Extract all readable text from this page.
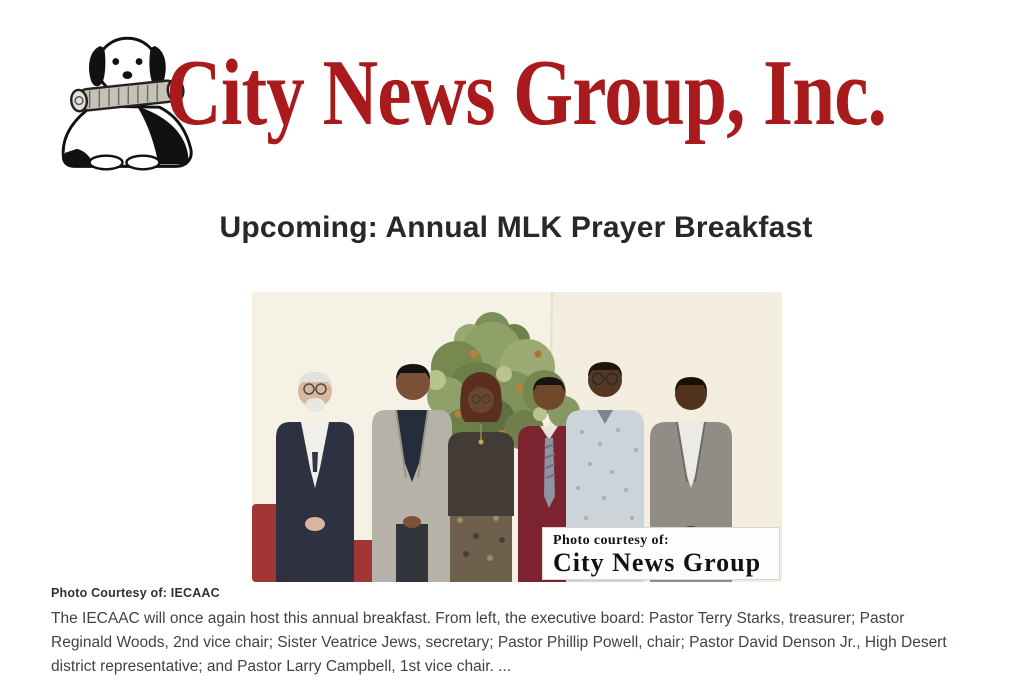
City News Group, Inc.
Upcoming: Annual MLK Prayer Breakfast
Photo courtesy of:
City News Group
Photo Courtesy of: IECAAC
The IECAAC will once again host this annual breakfast. From left, the executive board: Pastor Terry Starks, treasurer; Pastor
Reginald Woods, 2nd vice chair; Sister Veatrice Jews, secretary; Pastor Phillip Powell, chair; Pastor David Denson Jr., High Desert
district representative; and Pastor Larry Campbell, 1st vice chair. ...
